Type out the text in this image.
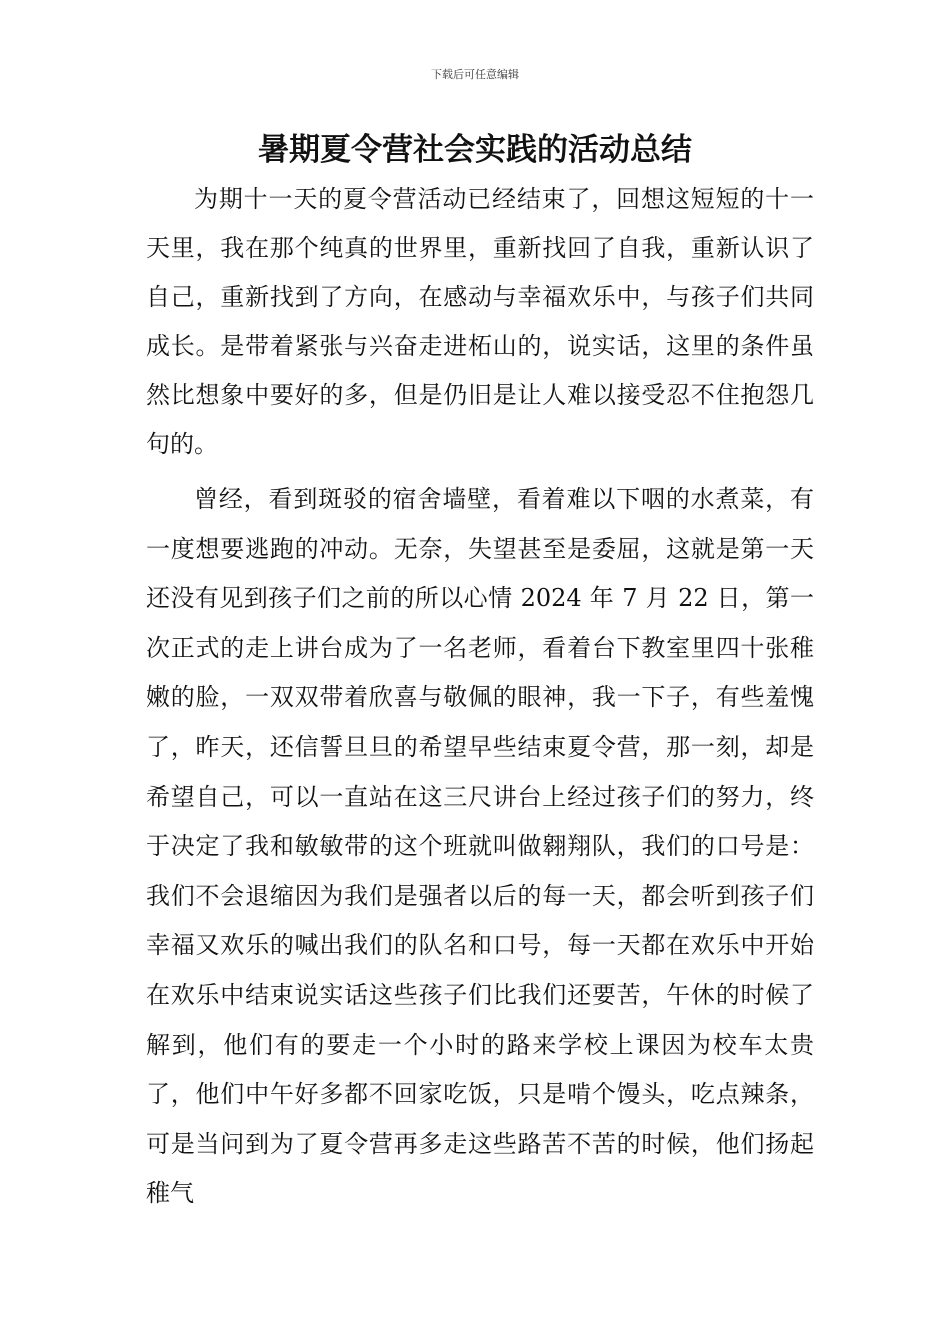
下载后可任意编辑
暑期夏令营社会实践的活动总结

为期十一天的夏令营活动已经结束了，回想这短短的十一天里，我在那个纯真的世界里，重新找回了自我，重新认识了自己，重新找到了方向，在感动与幸福欢乐中，与孩子们共同成长。是带着紧张与兴奋走进柘山的，说实话，这里的条件虽然比想象中要好的多，但是仍旧是让人难以接受忍不住抱怨几句的。

曾经，看到斑驳的宿舍墙壁，看着难以下咽的水煮菜，有一度想要逃跑的冲动。无奈，失望甚至是委屈，这就是第一天还没有见到孩子们之前的所以心情 2024 年 7 月 22 日，第一次正式的走上讲台成为了一名老师，看着台下教室里四十张稚嫩的脸，一双双带着欣喜与敬佩的眼神，我一下子，有些羞愧了，昨天，还信誓旦旦的希望早些结束夏令营，那一刻，却是希望自己，可以一直站在这三尺讲台上经过孩子们的努力，终于决定了我和敏敏带的这个班就叫做翱翔队，我们的口号是：我们不会退缩因为我们是强者以后的每一天，都会听到孩子们幸福又欢乐的喊出我们的队名和口号，每一天都在欢乐中开始在欢乐中结束说实话这些孩子们比我们还要苦，午休的时候了解到，他们有的要走一个小时的路来学校上课因为校车太贵了，他们中午好多都不回家吃饭，只是啃个馒头，吃点辣条，可是当问到为了夏令营再多走这些路苦不苦的时候，他们扬起稚气
